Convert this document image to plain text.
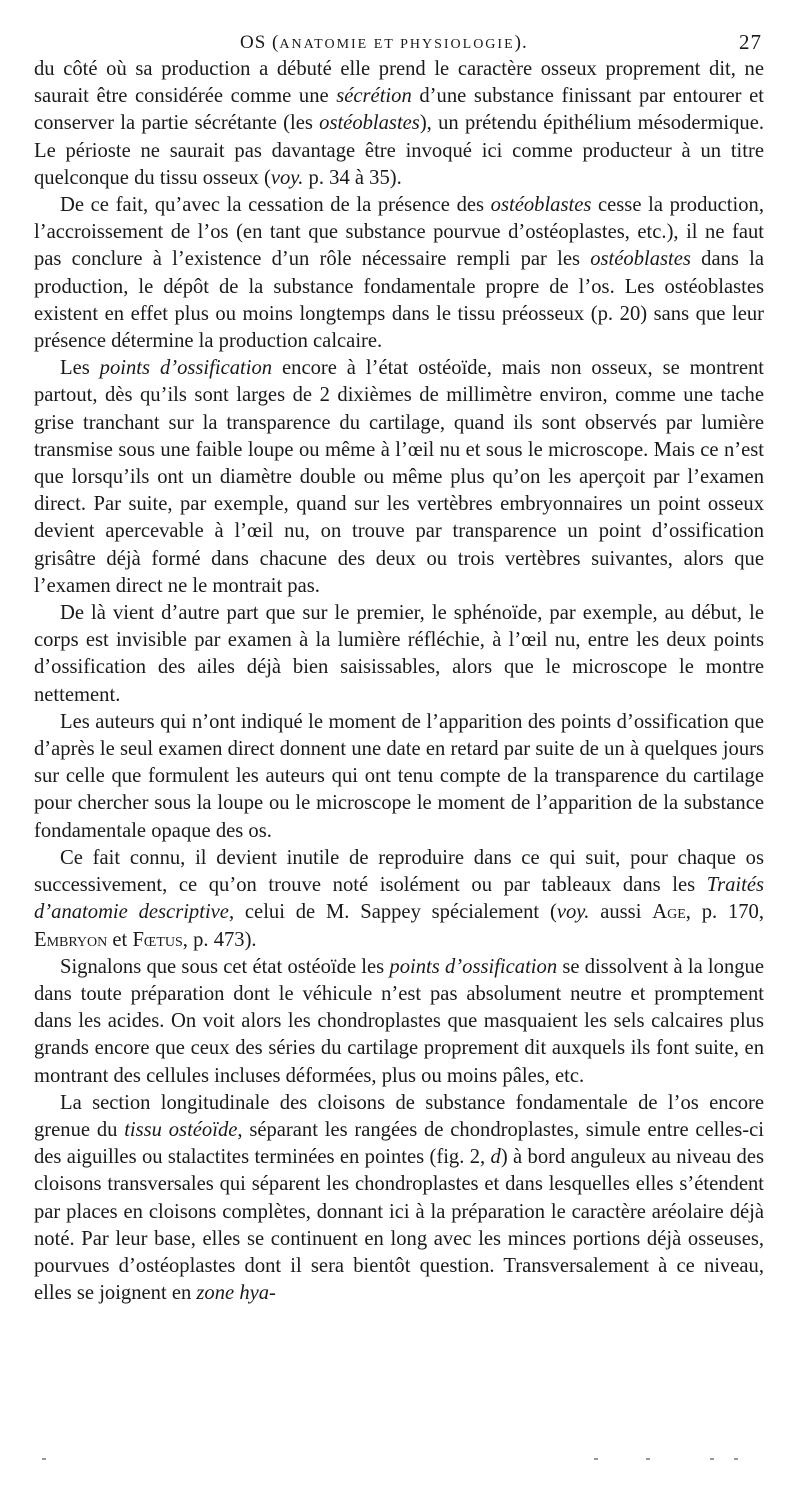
OS (ANATOMIE ET PHYSIOLOGIE).	27

du côté où sa production a débuté elle prend le caractère osseux proprement dit, ne saurait être considérée comme une sécrétion d’une substance finissant par entourer et conserver la partie sécrétante (les ostéoblastes), un prétendu épithélium mésodermique. Le périoste ne saurait pas davantage être invoqué ici comme producteur à un titre quelconque du tissu osseux (voy. p. 34 à 35).

De ce fait, qu’avec la cessation de la présence des ostéoblastes cesse la production, l’accroissement de l’os (en tant que substance pourvue d’ostéoplastes, etc.), il ne faut pas conclure à l’existence d’un rôle nécessaire rempli par les ostéoblastes dans la production, le dépôt de la substance fondamentale propre de l’os. Les ostéoblastes existent en effet plus ou moins longtemps dans le tissu préosseux (p. 20) sans que leur présence détermine la production calcaire.

Les points d’ossification encore à l’état ostéoïde, mais non osseux, se montrent partout, dès qu’ils sont larges de 2 dixièmes de millimètre environ, comme une tache grise tranchant sur la transparence du cartilage, quand ils sont observés par lumière transmise sous une faible loupe ou même à l’œil nu et sous le microscope. Mais ce n’est que lorsqu’ils ont un diamètre double ou même plus qu’on les aperçoit par l’examen direct. Par suite, par exemple, quand sur les vertèbres embryonnaires un point osseux devient apercevable à l’œil nu, on trouve par transparence un point d’ossification grisâtre déjà formé dans chacune des deux ou trois vertèbres suivantes, alors que l’examen direct ne le montrait pas.

De là vient d’autre part que sur le premier, le sphénoïde, par exemple, au début, le corps est invisible par examen à la lumière réfléchie, à l’œil nu, entre les deux points d’ossification des ailes déjà bien saisissables, alors que le microscope le montre nettement.

Les auteurs qui n’ont indiqué le moment de l’apparition des points d’ossification que d’après le seul examen direct donnent une date en retard par suite de un à quelques jours sur celle que formulent les auteurs qui ont tenu compte de la transparence du cartilage pour chercher sous la loupe ou le microscope le moment de l’apparition de la substance fondamentale opaque des os.

Ce fait connu, il devient inutile de reproduire dans ce qui suit, pour chaque os successivement, ce qu’on trouve noté isolément ou par tableaux dans les Traités d’anatomie descriptive, celui de M. Sappey spécialement (voy. aussi Age, p. 170, Embryon et Fœtus, p. 473).

Signalons que sous cet état ostéoïde les points d’ossification se dissolvent à la longue dans toute préparation dont le véhicule n’est pas absolument neutre et promptement dans les acides. On voit alors les chondroplastes que masquaient les sels calcaires plus grands encore que ceux des séries du cartilage proprement dit auxquels ils font suite, en montrant des cellules incluses déformées, plus ou moins pâles, etc.

La section longitudinale des cloisons de substance fondamentale de l’os encore grenue du tissu ostéoïde, séparant les rangées de chondroplastes, simule entre celles-ci des aiguilles ou stalactites terminées en pointes (fig. 2, d) à bord anguleux au niveau des cloisons transversales qui séparent les chondroplastes et dans lesquelles elles s’étendent par places en cloisons complètes, donnant ici à la préparation le caractère aréolaire déjà noté. Par leur base, elles se continuent en long avec les minces portions déjà osseuses, pourvues d’ostéoplastes dont il sera bientôt question. Transversalement à ce niveau, elles se joignent en zone hya-
